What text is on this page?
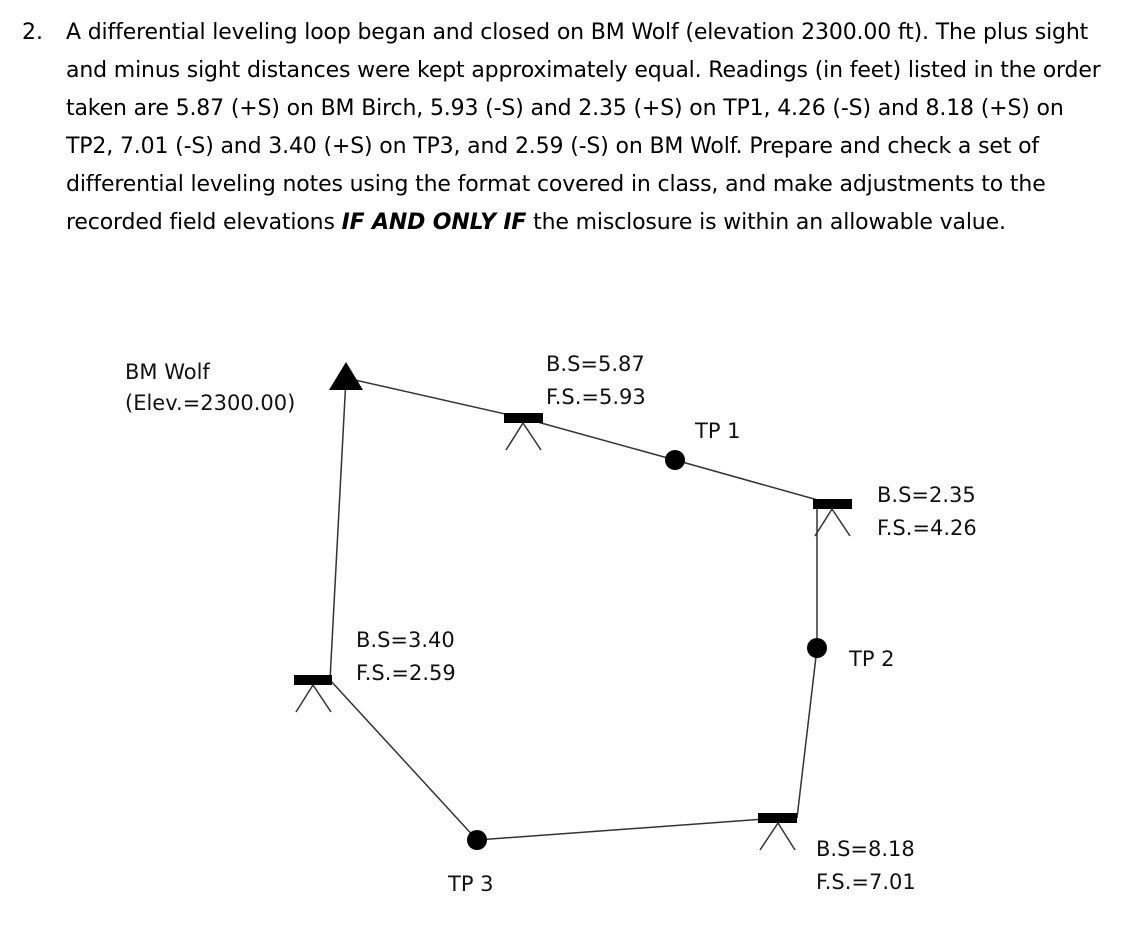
2. A differential leveling loop began and closed on BM Wolf (elevation 2300.00 ft). The plus sight and minus sight distances were kept approximately equal. Readings (in feet) listed in the order taken are 5.87 (+S) on BM Birch, 5.93 (-S) and 2.35 (+S) on TP1, 4.26 (-S) and 8.18 (+S) on TP2, 7.01 (-S) and 3.40 (+S) on TP3, and 2.59 (-S) on BM Wolf. Prepare and check a set of differential leveling notes using the format covered in class, and make adjustments to the recorded field elevations IF AND ONLY IF the misclosure is within an allowable value.
BM Wolf
(Elev.=2300.00)
B.S=5.87
F.S.=5.93
TP 1
B.S=2.35
F.S.=4.26
TP 2
B.S=8.18
F.S.=7.01
TP 3
B.S=3.40
F.S.=2.59
